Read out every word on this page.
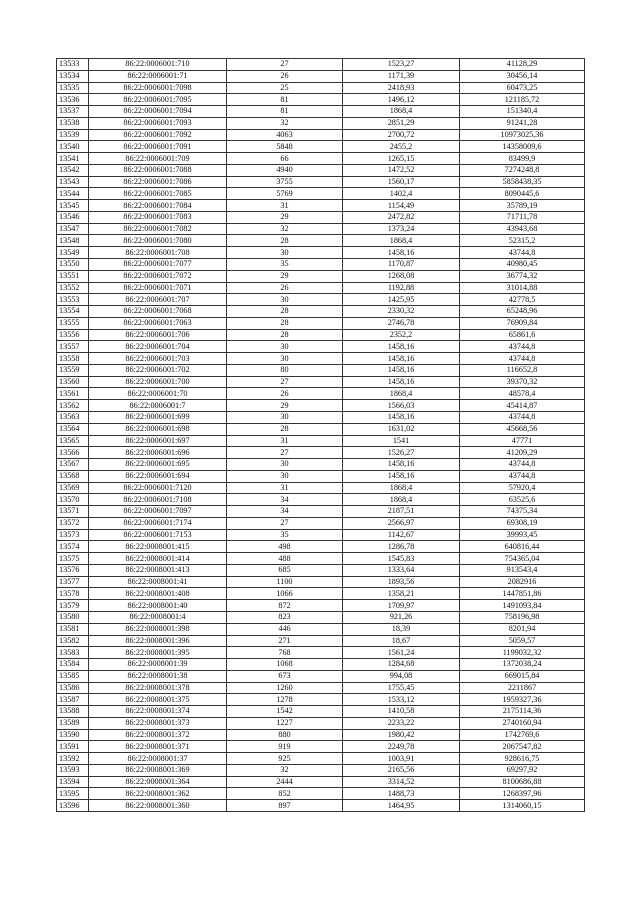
13533	86:22:0006001:710	27	1523,27	41128,29
13534	86:22:0006001:71	26	1171,39	30456,14
13535	86:22:0006001:7098	25	2418,93	60473,25
13536	86:22:0006001:7095	81	1496,12	121185,72
13537	86:22:0006001:7094	81	1868,4	151340,4
13538	86:22:0006001:7093	32	2851,29	91241,28
13539	86:22:0006001:7092	4063	2700,72	10973025,36
13540	86:22:0006001:7091	5848	2455,2	14358009,6
13541	86:22:0006001:709	66	1265,15	83499,9
13542	86:22:0006001:7088	4940	1472,52	7274248,8
13543	86:22:0006001:7086	3755	1560,17	5858438,35
13544	86:22:0006001:7085	5769	1402,4	8090445,6
13545	86:22:0006001:7084	31	1154,49	35789,19
13546	86:22:0006001:7083	29	2472,82	71711,78
13547	86:22:0006001:7082	32	1373,24	43943,68
13548	86:22:0006001:7080	28	1868,4	52315,2
13549	86:22:0006001:708	30	1458,16	43744,8
13550	86:22:0006001:7077	35	1170,87	40980,45
13551	86:22:0006001:7072	29	1268,08	36774,32
13552	86:22:0006001:7071	26	1192,88	31014,88
13553	86:22:0006001:707	30	1425,95	42778,5
13554	86:22:0006001:7068	28	2330,32	65248,96
13555	86:22:0006001:7063	28	2746,78	76909,84
13556	86:22:0006001:706	28	2352,2	65861,6
13557	86:22:0006001:704	30	1458,16	43744,8
13558	86:22:0006001:703	30	1458,16	43744,8
13559	86:22:0006001:702	80	1458,16	116652,8
13560	86:22:0006001:700	27	1458,16	39370,32
13561	86:22:0006001:70	26	1868,4	48578,4
13562	86:22:0006001:7	29	1566,03	45414,87
13563	86:22:0006001:699	30	1458,16	43744,8
13564	86:22:0006001:698	28	1631,02	45668,56
13565	86:22:0006001:697	31	1541	47771
13566	86:22:0006001:696	27	1526,27	41209,29
13567	86:22:0006001:695	30	1458,16	43744,8
13568	86:22:0006001:694	30	1458,16	43744,8
13569	86:22:0006001:7120	31	1868,4	57920,4
13570	86:22:0006001:7108	34	1868,4	63525,6
13571	86:22:0006001:7097	34	2187,51	74375,34
13572	86:22:0006001:7174	27	2566,97	69308,19
13573	86:22:0006001:7153	35	1142,67	39993,45
13574	86:22:0008001:415	498	1286,78	640816,44
13575	86:22:0008001:414	488	1545,83	754365,04
13576	86:22:0008001:413	685	1333,64	913543,4
13577	86:22:0008001:41	1100	1893,56	2082916
13578	86:22:0008001:408	1066	1358,21	1447851,86
13579	86:22:0008001:40	872	1709,97	1491093,84
13580	86:22:0008001:4	823	921,26	758196,98
13581	86:22:0008001:398	446	18,39	8201,94
13582	86:22:0008001:396	271	18,67	5059,57
13583	86:22:0008001:395	768	1561,24	1199032,32
13584	86:22:0008001:39	1068	1284,68	1372038,24
13585	86:22:0008001:38	673	994,08	669015,84
13586	86:22:0008001:378	1260	1755,45	2211867
13587	86:22:0008001:375	1278	1533,12	1959327,36
13588	86:22:0008001:374	1542	1410,58	2175114,36
13589	86:22:0008001:373	1227	2233,22	2740160,94
13590	86:22:0008001:372	880	1980,42	1742769,6
13591	86:22:0008001:371	919	2249,78	2067547,82
13592	86:22:0008001:37	925	1003,91	928616,75
13593	86:22:0008001:369	32	2165,56	69297,92
13594	86:22:0008001:364	2444	3314,52	8100686,88
13595	86:22:0008001:362	852	1488,73	1268397,96
13596	86:22:0008001:360	897	1464,95	1314060,15
